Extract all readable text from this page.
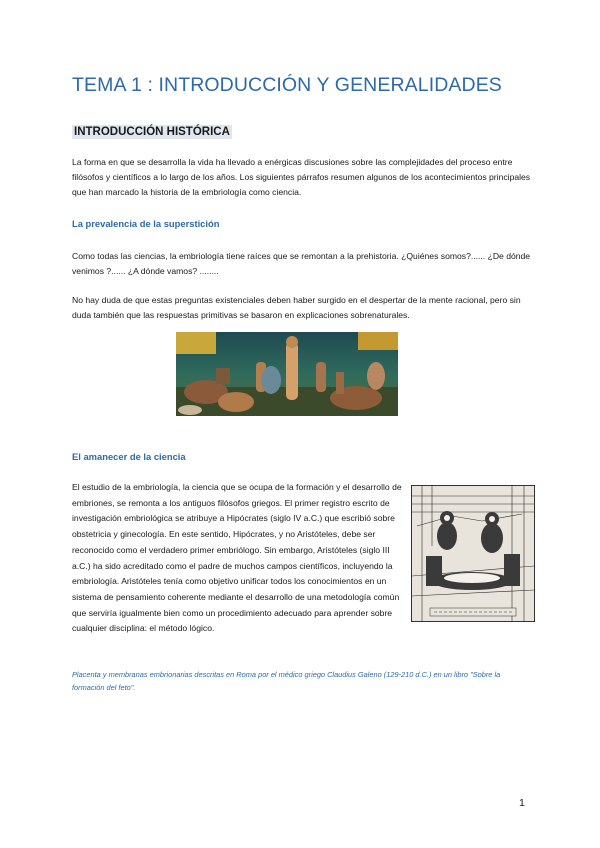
TEMA 1 : INTRODUCCIÓN Y GENERALIDADES
INTRODUCCIÓN HISTÓRICA
La forma en que se desarrolla la vida ha llevado a enérgicas discusiones sobre las complejidades del proceso entre filósofos y científicos a lo largo de los años. Los siguientes párrafos resumen algunos de los acontecimientos principales que han marcado la historia de la embriología como ciencia.
La prevalencia de la superstición
Como todas las ciencias, la embriología tiene raíces que se remontan a la prehistoria. ¿Quiénes somos?...... ¿De dónde venimos ?...... ¿A dónde vamos? ........
No hay duda de que estas preguntas existenciales deben haber surgido en el despertar de la mente racional, pero sin duda también que las respuestas primitivas se basaron en explicaciones sobrenaturales.
El amanecer de la ciencia
El estudio de la embriología, la ciencia que se ocupa de la formación y el desarrollo de embriones, se remonta a los antiguos filósofos griegos. El primer registro escrito de investigación embriológica se atribuye a Hipócrates (siglo IV a.C.) que escribió sobre obstetricia y ginecología. En este sentido, Hipócrates, y no Aristóteles, debe ser reconocido como el verdadero primer embriólogo. Sin embargo, Aristóteles (siglo III a.C.) ha sido acreditado como el padre de muchos campos científicos, incluyendo la embriología. Aristóteles tenía como objetivo unificar todos los conocimientos en un sistema de pensamiento coherente mediante el desarrollo de una metodología común que serviría igualmente bien como un procedimiento adecuado para aprender sobre cualquier disciplina: el método lógico.
Placenta y membranas embrionarias descritas en Roma por el médico griego Claudius Galeno (129-210 d.C.) en un libro "Sobre la formación del feto".
1
